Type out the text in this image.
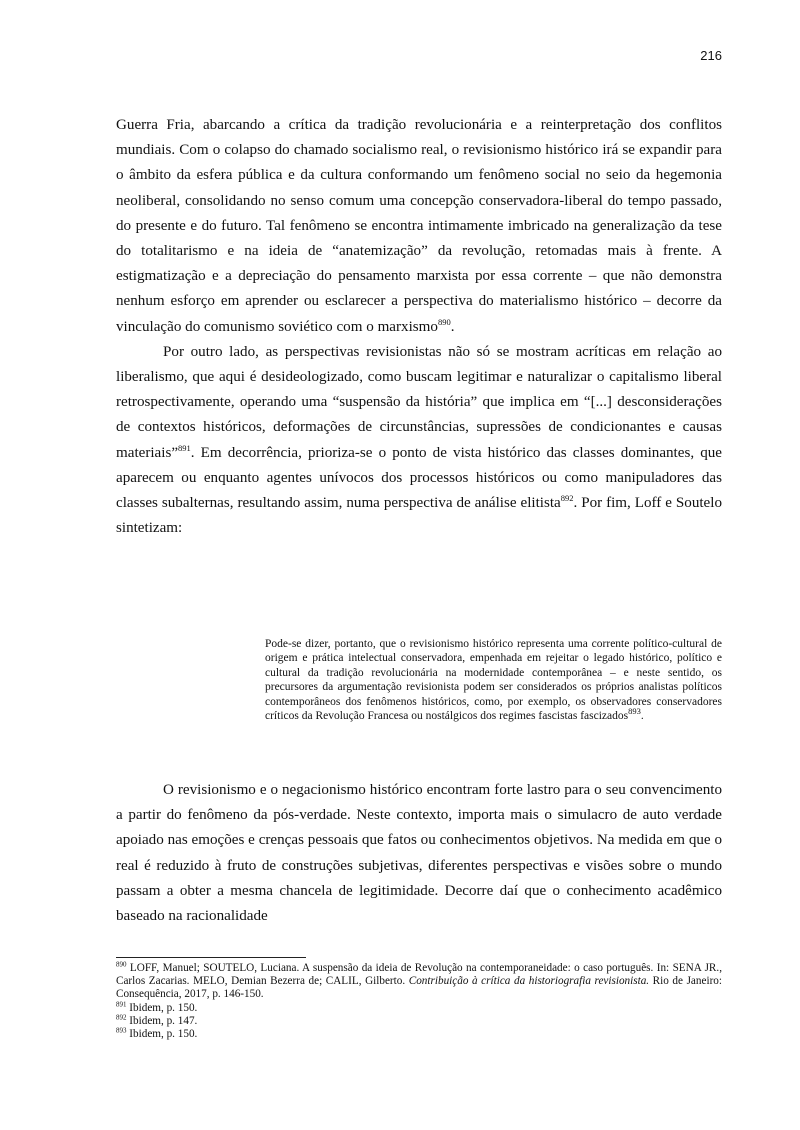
216

Guerra Fria, abarcando a crítica da tradição revolucionária e a reinterpretação dos conflitos mundiais. Com o colapso do chamado socialismo real, o revisionismo histórico irá se expandir para o âmbito da esfera pública e da cultura conformando um fenômeno social no seio da hegemonia neoliberal, consolidando no senso comum uma concepção conservadora-liberal do tempo passado, do presente e do futuro. Tal fenômeno se encontra intimamente imbricado na generalização da tese do totalitarismo e na ideia de “anatemização” da revolução, retomadas mais à frente. A estigmatização e a depreciação do pensamento marxista por essa corrente – que não demonstra nenhum esforço em aprender ou esclarecer a perspectiva do materialismo histórico – decorre da vinculação do comunismo soviético com o marxismo$^{890}$.

Por outro lado, as perspectivas revisionistas não só se mostram acríticas em relação ao liberalismo, que aqui é desideologizado, como buscam legitimar e naturalizar o capitalismo liberal retrospectivamente, operando uma “suspensão da história” que implica em “[...] desconsiderações de contextos históricos, deformações de circunstâncias, supressões de condicionantes e causas materiais”$^{891}$. Em decorrência, prioriza-se o ponto de vista histórico das classes dominantes, que aparecem ou enquanto agentes unívocos dos processos históricos ou como manipuladores das classes subalternas, resultando assim, numa perspectiva de análise elitista$^{892}$. Por fim, Loff e Soutelo sintetizam:

Pode-se dizer, portanto, que o revisionismo histórico representa uma corrente político-cultural de origem e prática intelectual conservadora, empenhada em rejeitar o legado histórico, político e cultural da tradição revolucionária na modernidade contemporânea – e neste sentido, os precursores da argumentação revisionista podem ser considerados os próprios analistas políticos contemporâneos dos fenômenos históricos, como, por exemplo, os observadores conservadores críticos da Revolução Francesa ou nostálgicos dos regimes fascistas fascizados$^{893}$.

O revisionismo e o negacionismo histórico encontram forte lastro para o seu convencimento a partir do fenômeno da pós-verdade. Neste contexto, importa mais o simulacro de auto verdade apoiado nas emoções e crenças pessoais que fatos ou conhecimentos objetivos. Na medida em que o real é reduzido à fruto de construções subjetivas, diferentes perspectivas e visões sobre o mundo passam a obter a mesma chancela de legitimidade. Decorre daí que o conhecimento acadêmico baseado na racionalidade

$^{890}$ LOFF, Manuel; SOUTELO, Luciana. A suspensão da ideia de Revolução na contemporaneidade: o caso português. In: SENA JR., Carlos Zacarias. MELO, Demian Bezerra de; CALIL, Gilberto. Contribuição à crítica da historiografia revisionista. Rio de Janeiro: Consequência, 2017, p. 146-150.
$^{891}$ Ibidem, p. 150.
$^{892}$ Ibidem, p. 147.
$^{893}$ Ibidem, p. 150.
